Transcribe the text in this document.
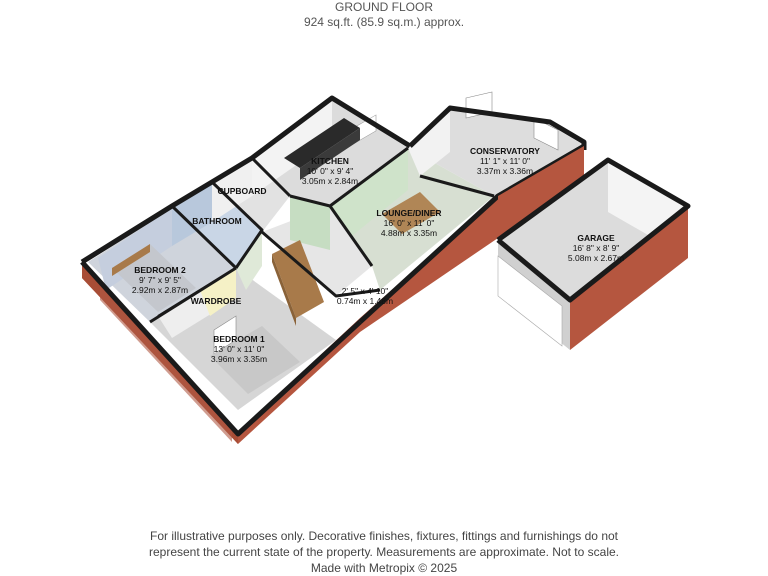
GROUND FLOOR
924 sq.ft. (85.9 sq.m.) approx.
KITCHEN
10' 0" x 9' 4"
3.05m x 2.84m
CUPBOARD
BATHROOM
BEDROOM 2
9' 7" x 9' 5"
2.92m x 2.87m
WARDROBE
BEDROOM 1
13' 0" x 11' 0"
3.96m x 3.35m
2' 5" x 4' 10"
0.74m x 1.48m
LOUNGE/DINER
16' 0" x 11' 0"
4.88m x 3.35m
CONSERVATORY
11' 1" x 11' 0"
3.37m x 3.36m
GARAGE
16' 8" x 8' 9"
5.08m x 2.67m
For illustrative purposes only. Decorative finishes, fixtures, fittings and furnishings do not
represent the current state of the property. Measurements are approximate. Not to scale.
Made with Metropix © 2025
